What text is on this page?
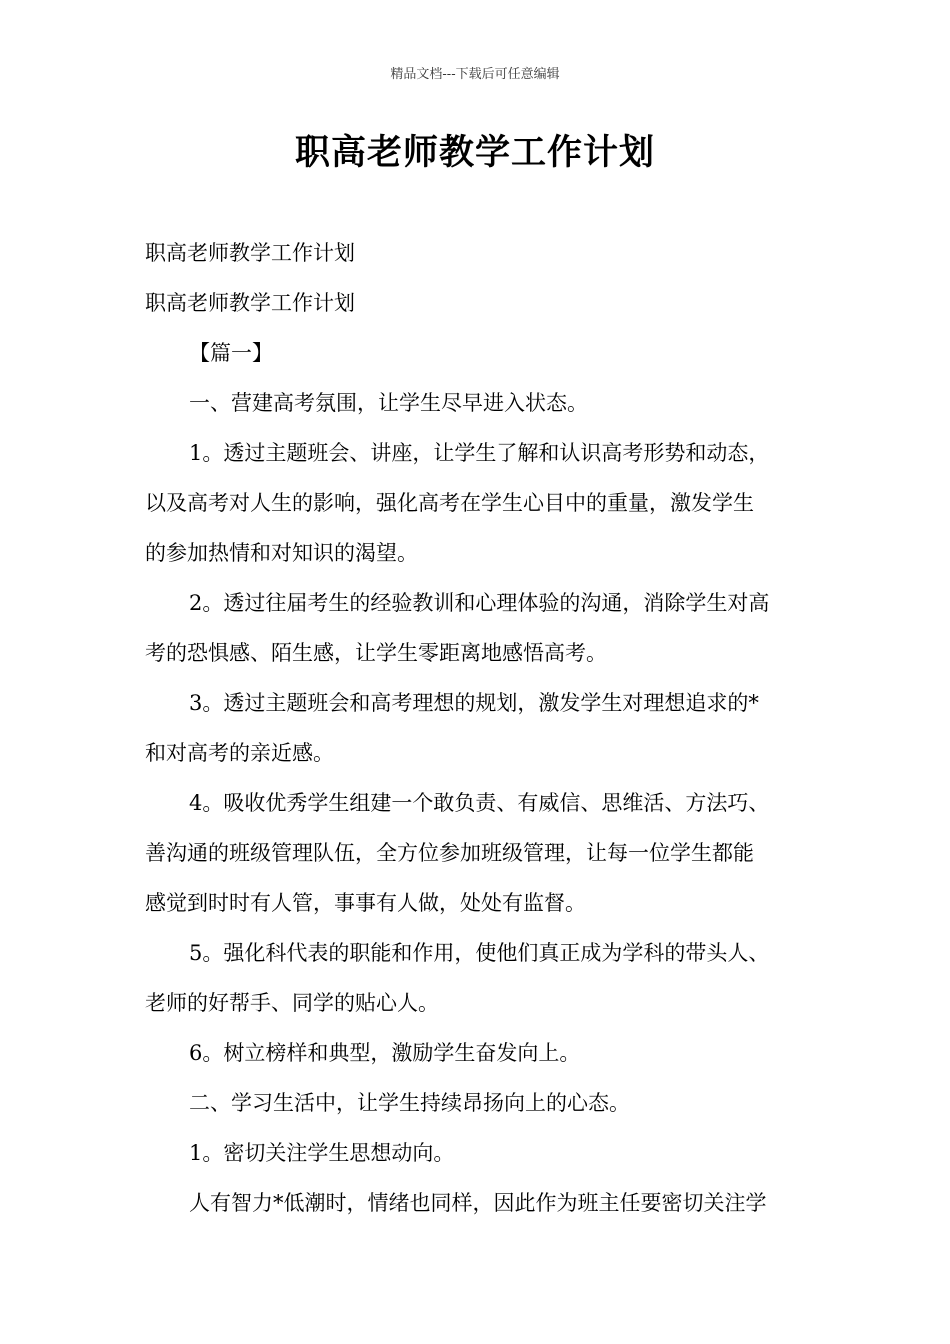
精品文档---下载后可任意编辑
职高老师教学工作计划

职高老师教学工作计划

职高老师教学工作计划

【篇一】

一、营建高考氛围，让学生尽早进入状态。

1。透过主题班会、讲座，让学生了解和认识高考形势和动态，

以及高考对人生的影响，强化高考在学生心目中的重量，激发学生

的参加热情和对知识的渴望。

2。透过往届考生的经验教训和心理体验的沟通，消除学生对高

考的恐惧感、陌生感，让学生零距离地感悟高考。

3。透过主题班会和高考理想的规划，激发学生对理想追求的*

和对高考的亲近感。

4。吸收优秀学生组建一个敢负责、有威信、思维活、方法巧、

善沟通的班级管理队伍，全方位参加班级管理，让每一位学生都能

感觉到时时有人管，事事有人做，处处有监督。

5。强化科代表的职能和作用，使他们真正成为学科的带头人、

老师的好帮手、同学的贴心人。

6。树立榜样和典型，激励学生奋发向上。

二、学习生活中，让学生持续昂扬向上的心态。

1。密切关注学生思想动向。

人有智力*低潮时，情绪也同样，因此作为班主任要密切关注学
